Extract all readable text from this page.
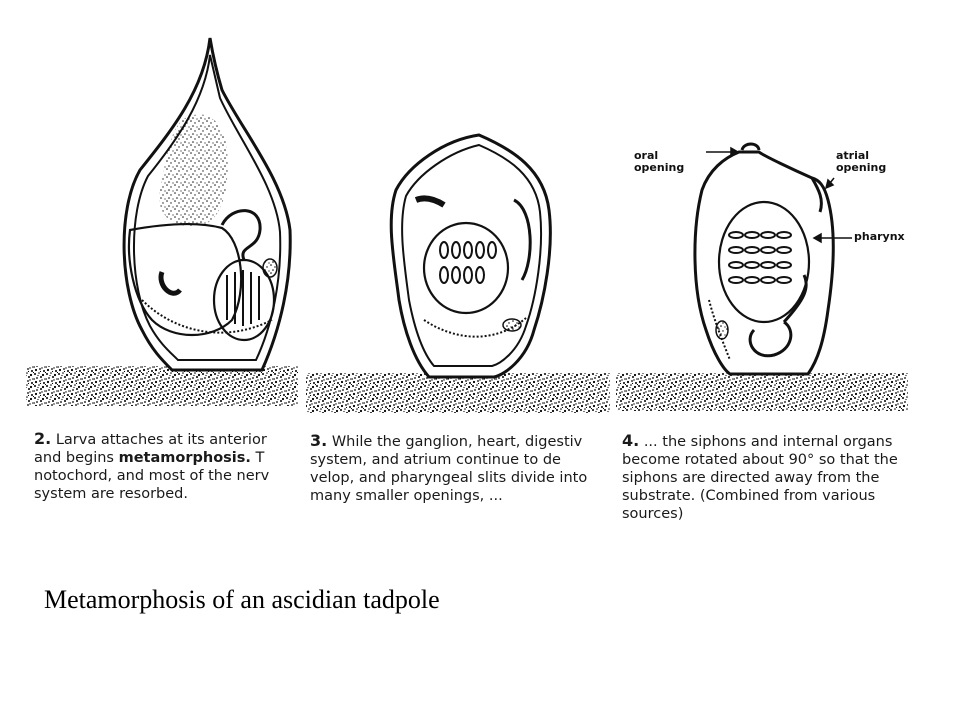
oral
opening
atrial
opening
pharynx
2. Larva attaches at its anterior
and begins metamorphosis. T
notochord, and most of the nerv
system are resorbed.
3. While the ganglion, heart, digestiv
system, and atrium continue to de
velop, and pharyngeal slits divide into
many smaller openings, ...
4. ... the siphons and internal organs
become rotated about 90° so that the
siphons are directed away from the
substrate. (Combined from various
sources)
Metamorphosis of an ascidian tadpole
